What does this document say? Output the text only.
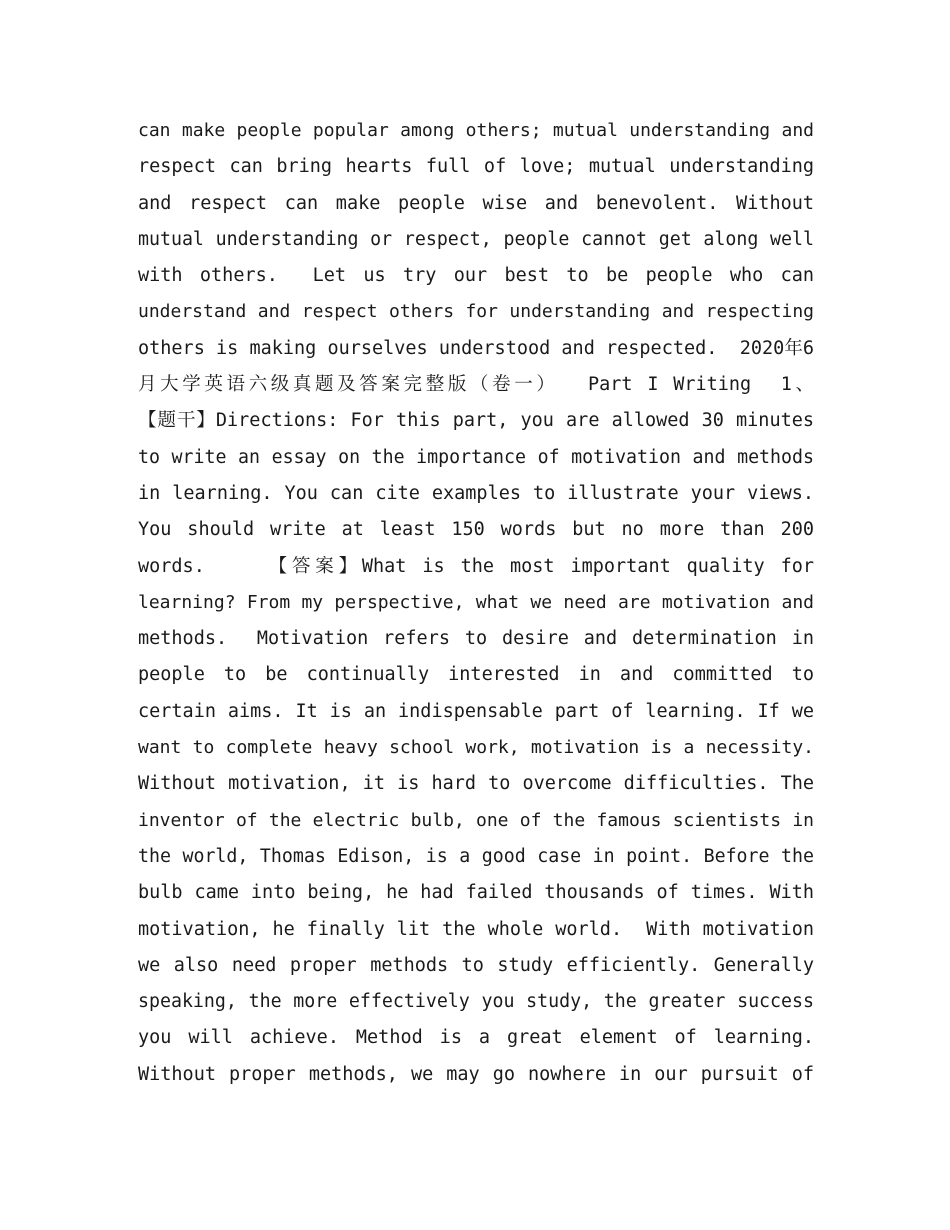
can make people popular among others; mutual understanding and
respect can bring hearts full of love; mutual understanding
and respect can make people wise and benevolent. Without
mutual understanding or respect, people cannot get along well
with others.  Let us try our best to be people who can
understand and respect others for understanding and respecting
others is making ourselves understood and respected.  2020年6
月大学英语六级真题及答案完整版（卷一）  Part I Writing  1、
【题干】Directions: For this part, you are allowed 30 minutes
to write an essay on the importance of motivation and methods
in learning. You can cite examples to illustrate your views.
You should write at least 150 words but no more than 200
words.    【答案】What is the most important quality for
learning? From my perspective, what we need are motivation and
methods.  Motivation refers to desire and determination in
people to be continually interested in and committed to
certain aims. It is an indispensable part of learning. If we
want to complete heavy school work, motivation is a necessity.
Without motivation, it is hard to overcome difficulties. The
inventor of the electric bulb, one of the famous scientists in
the world, Thomas Edison, is a good case in point. Before the
bulb came into being, he had failed thousands of times. With
motivation, he finally lit the whole world.  With motivation
we also need proper methods to study efficiently. Generally
speaking, the more effectively you study, the greater success
you will achieve. Method is a great element of learning.
Without proper methods, we may go nowhere in our pursuit of
